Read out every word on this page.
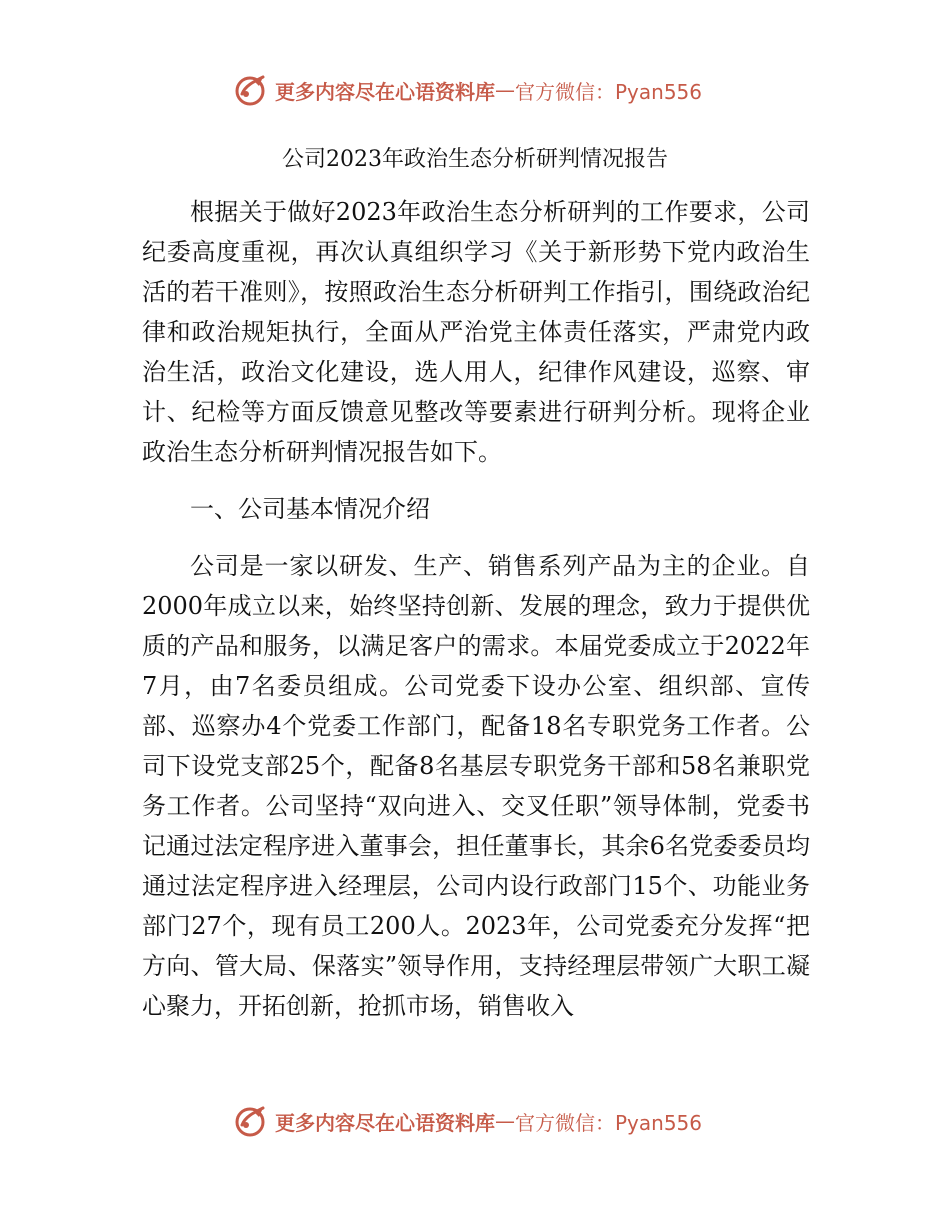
更多内容尽在心语资料库 — 官方微信：Pyan556
公司2023年政治生态分析研判情况报告

根据关于做好2023年政治生态分析研判的工作要求，公司纪委高度重视，再次认真组织学习《关于新形势下党内政治生活的若干准则》，按照政治生态分析研判工作指引，围绕政治纪律和政治规矩执行，全面从严治党主体责任落实，严肃党内政治生活，政治文化建设，选人用人，纪律作风建设，巡察、审计、纪检等方面反馈意见整改等要素进行研判分析。现将企业政治生态分析研判情况报告如下。

一、公司基本情况介绍

公司是一家以研发、生产、销售系列产品为主的企业。自2000年成立以来，始终坚持创新、发展的理念，致力于提供优质的产品和服务，以满足客户的需求。本届党委成立于2022年7月，由7名委员组成。公司党委下设办公室、组织部、宣传部、巡察办4个党委工作部门，配备18名专职党务工作者。公司下设党支部25个，配备8名基层专职党务干部和58名兼职党务工作者。公司坚持“双向进入、交叉任职”领导体制，党委书记通过法定程序进入董事会，担任董事长，其余6名党委委员均通过法定程序进入经理层，公司内设行政部门15个、功能业务部门27个，现有员工200人。2023年，公司党委充分发挥“把方向、管大局、保落实”领导作用，支持经理层带领广大职工凝心聚力，开拓创新，抢抓市场，销售收入

更多内容尽在心语资料库 — 官方微信：Pyan556
